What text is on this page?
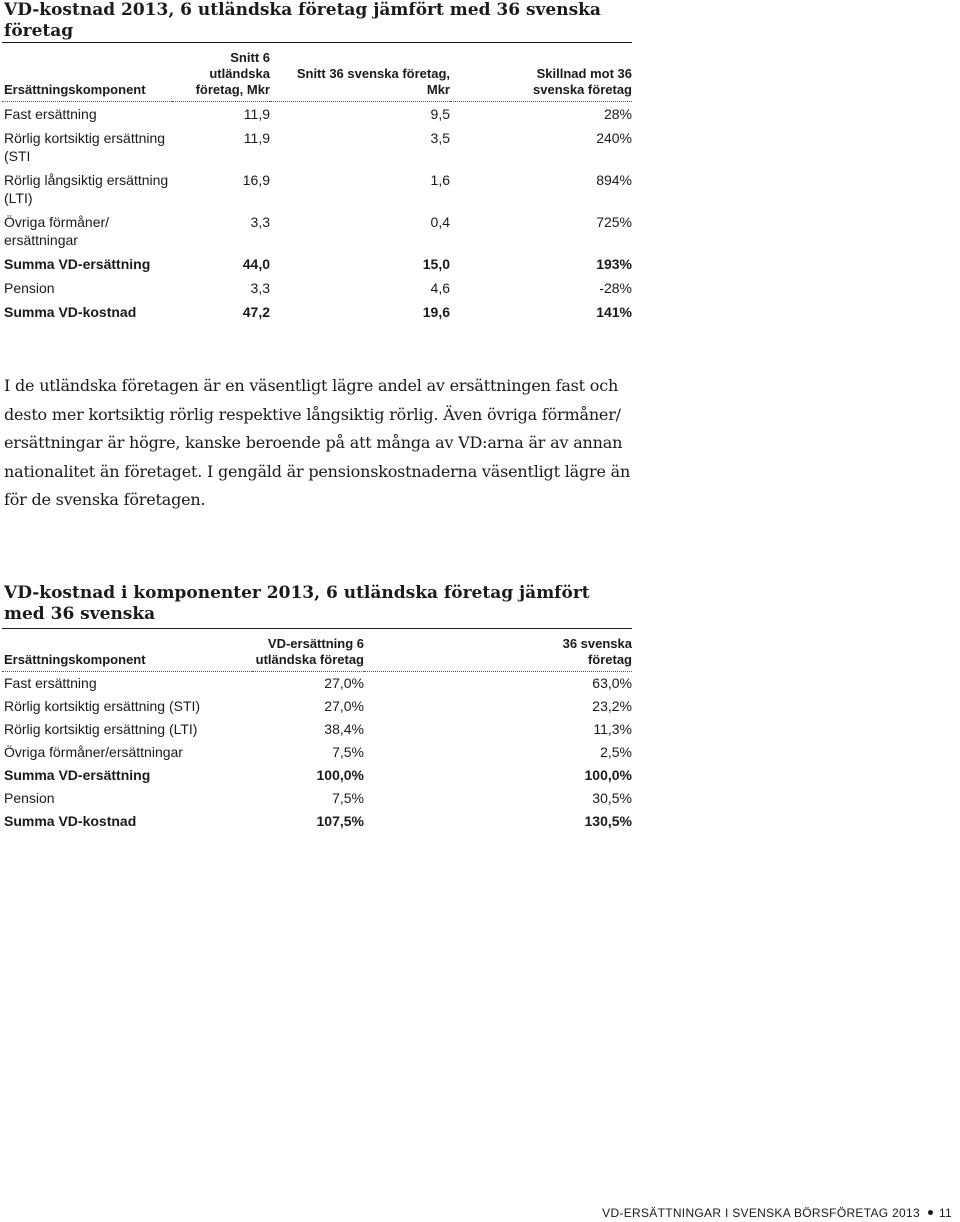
VD-kostnad 2013, 6 utländska företag jämfört med 36 svenska företag
Ersättningskomponent	Snitt 6 utländska företag, Mkr	Snitt 36 svenska företag, Mkr	Skillnad mot 36 svenska företag
Fast ersättning	11,9	9,5	28%
Rörlig kortsiktig ersättning (STI	11,9	3,5	240%
Rörlig långsiktig ersättning (LTI)	16,9	1,6	894%
Övriga förmåner/ ersättningar	3,3	0,4	725%
Summa VD-ersättning	44,0	15,0	193%
Pension	3,3	4,6	-28%
Summa VD-kostnad	47,2	19,6	141%

I de utländska företagen är en väsentligt lägre andel av ersättningen fast och desto mer kortsiktig rörlig respektive långsiktig rörlig. Även övriga förmåner/ ersättningar är högre, kanske beroende på att många av VD:arna är av annan nationalitet än företaget. I gengäld är pensionskostnaderna väsentligt lägre än för de svenska företagen.

VD-kostnad i komponenter 2013, 6 utländska företag jämfört med 36 svenska
Ersättningskomponent	VD-ersättning 6 utländska företag	36 svenska företag
Fast ersättning	27,0%	63,0%
Rörlig kortsiktig ersättning (STI)	27,0%	23,2%
Rörlig kortsiktig ersättning (LTI)	38,4%	11,3%
Övriga förmåner/ersättningar	7,5%	2,5%
Summa VD-ersättning	100,0%	100,0%
Pension	7,5%	30,5%
Summa VD-kostnad	107,5%	130,5%
VD-ERSÄTTNINGAR I SVENSKA BÖRSFÖRETAG 2013 11
